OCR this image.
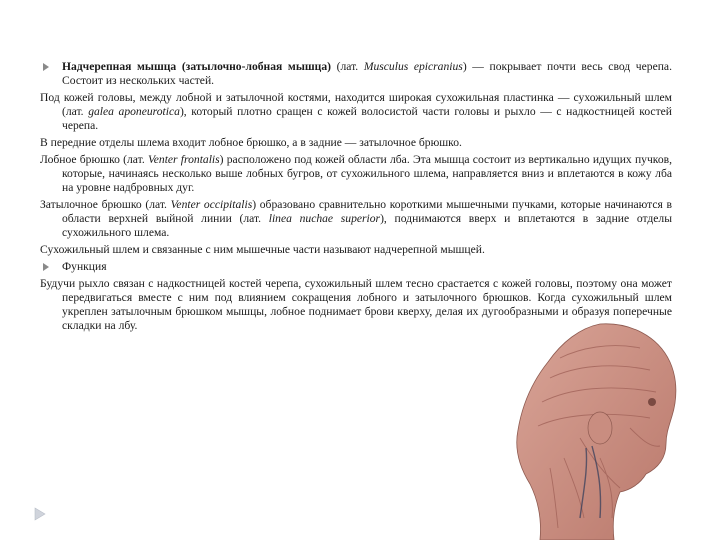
Надчерепная мышца (затылочно-лобная мышца) (лат. Musculus epicranius) — покрывает почти весь свод черепа. Состоит из нескольких частей.

Под кожей головы, между лобной и затылочной костями, находится широкая сухожильная пластинка — сухожильный шлем (лат. galea aponeurotica), который плотно сращен с кожей волосистой части головы и рыхло — с надкостницей костей черепа.

В передние отделы шлема входит лобное брюшко, а в задние — затылочное брюшко.

Лобное брюшко (лат. Venter frontalis) расположено под кожей области лба. Эта мышца состоит из вертикально идущих пучков, которые, начинаясь несколько выше лобных бугров, от сухожильного шлема, направляется вниз и вплетаются в кожу лба на уровне надбровных дуг.

Затылочное брюшко (лат. Venter occipitalis) образовано сравнительно короткими мышечными пучками, которые начинаются в области верхней выйной линии (лат. linea nuchae superior), поднимаются вверх и вплетаются в задние отделы сухожильного шлема.

Сухожильный шлем и связанные с ним мышечные части называют надчерепной мышцей.

Функция

Будучи рыхло связан с надкостницей костей черепа, сухожильный шлем тесно срастается с кожей головы, поэтому она может передвигаться вместе с ним под влиянием сокращения лобного и затылочного брюшков. Когда сухожильный шлем укреплен затылочным брюшком мышцы, лобное поднимает брови кверху, делая их дугообразными и образуя поперечные складки на лбу.
